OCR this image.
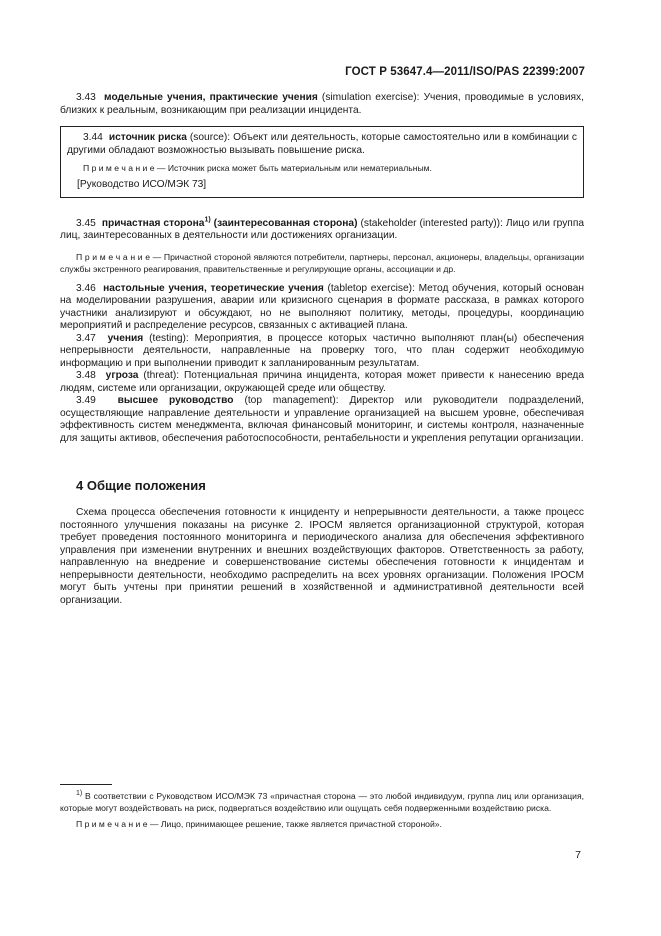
ГОСТ Р 53647.4—2011/ISO/PAS 22399:2007

3.43 модельные учения, практические учения (simulation exercise): Учения, проводимые в условиях, близких к реальным, возникающим при реализации инцидента.

3.44 источник риска (source): Объект или деятельность, которые самостоятельно или в комбинации с другими обладают возможностью вызывать повышение риска.

П р и м е ч а н и е — Источник риска может быть материальным или нематериальным.

[Руководство ИСО/МЭК 73]

3.45 причастная сторона$^{1)}$ (заинтересованная сторона) (stakeholder (interested party)): Лицо или группа лиц, заинтересованных в деятельности или достижениях организации.

П р и м е ч а н и е — Причастной стороной являются потребители, партнеры, персонал, акционеры, владельцы, организации службы экстренного реагирования, правительственные и регулирующие органы, ассоциации и др.

3.46 настольные учения, теоретические учения (tabletop exercise): Метод обучения, который основан на моделировании разрушения, аварии или кризисного сценария в формате рассказа, в рамках которого участники анализируют и обсуждают, но не выполняют политику, методы, процедуры, координацию мероприятий и распределение ресурсов, связанных с активацией плана.

3.47 учения (testing): Мероприятия, в процессе которых частично выполняют план(ы) обеспечения непрерывности деятельности, направленные на проверку того, что план содержит необходимую информацию и при выполнении приводит к запланированным результатам.

3.48 угроза (threat): Потенциальная причина инцидента, которая может привести к нанесению вреда людям, системе или организации, окружающей среде или обществу.

3.49 высшее руководство (top management): Директор или руководители подразделений, осуществляющие направление деятельности и управление организацией на высшем уровне, обеспечивая эффективность систем менеджмента, включая финансовый мониторинг, и системы контроля, назначенные для защиты активов, обеспечения работоспособности, рентабельности и укрепления репутации организации.

4 Общие положения

Схема процесса обеспечения готовности к инциденту и непрерывности деятельности, а также процесс постоянного улучшения показаны на рисунке 2. IPOCM является организационной структурой, которая требует проведения постоянного мониторинга и периодического анализа для обеспечения эффективного управления при изменении внутренних и внешних воздействующих факторов. Ответственность за работу, направленную на внедрение и совершенствование системы обеспечения готовности к инцидентам и непрерывности деятельности, необходимо распределить на всех уровнях организации. Положения IPOCM могут быть учтены при принятии решений в хозяйственной и административной деятельности всей организации.

$^{1)}$ В соответствии с Руководством ИСО/МЭК 73 «причастная сторона — это любой индивидуум, группа лиц или организация, которые могут воздействовать на риск, подвергаться воздействию или ощущать себя подверженными воздействию риска.

П р и м е ч а н и е — Лицо, принимающее решение, также является причастной стороной».

7
